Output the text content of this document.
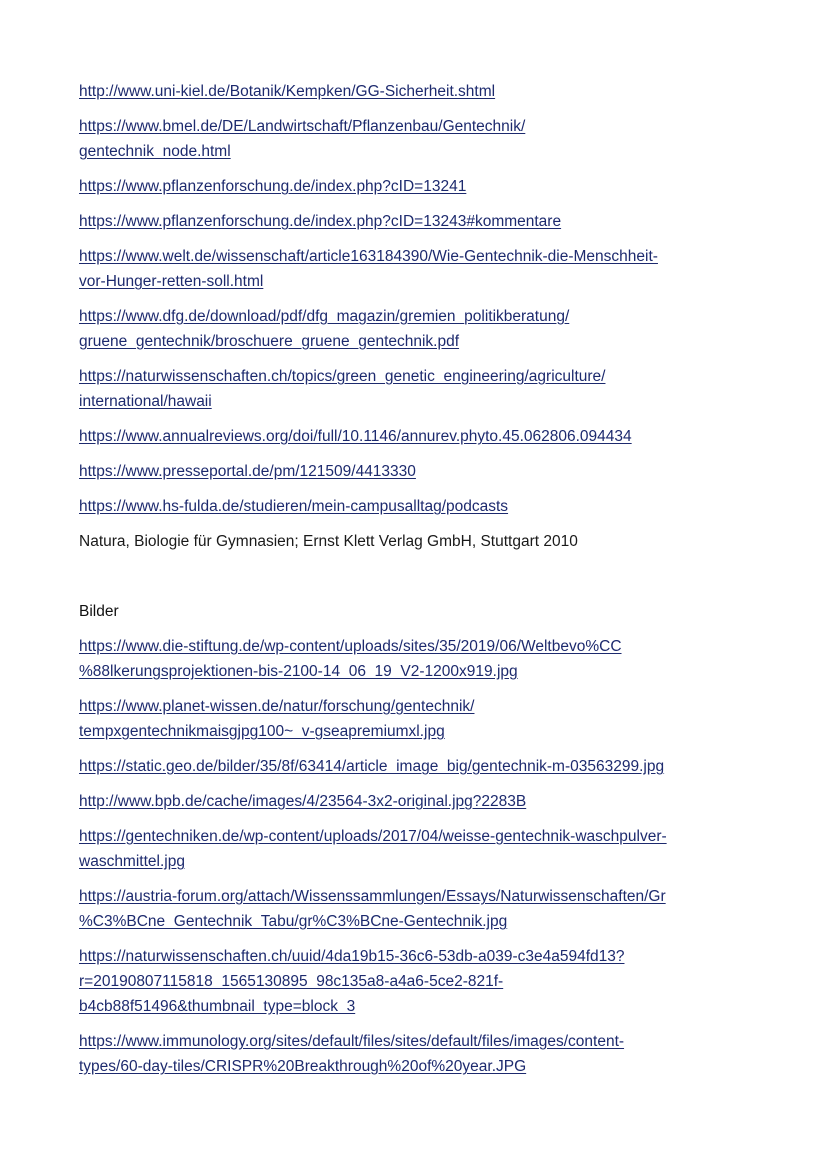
http://www.uni-kiel.de/Botanik/Kempken/GG-Sicherheit.shtml

https://www.bmel.de/DE/Landwirtschaft/Pflanzenbau/Gentechnik/
gentechnik_node.html

https://www.pflanzenforschung.de/index.php?cID=13241

https://www.pflanzenforschung.de/index.php?cID=13243#kommentare

https://www.welt.de/wissenschaft/article163184390/Wie-Gentechnik-die-Menschheit-
vor-Hunger-retten-soll.html

https://www.dfg.de/download/pdf/dfg_magazin/gremien_politikberatung/
gruene_gentechnik/broschuere_gruene_gentechnik.pdf

https://naturwissenschaften.ch/topics/green_genetic_engineering/agriculture/
international/hawaii

https://www.annualreviews.org/doi/full/10.1146/annurev.phyto.45.062806.094434

https://www.presseportal.de/pm/121509/4413330

https://www.hs-fulda.de/studieren/mein-campusalltag/podcasts

Natura, Biologie für Gymnasien; Ernst Klett Verlag GmbH, Stuttgart 2010

Bilder

https://www.die-stiftung.de/wp-content/uploads/sites/35/2019/06/Weltbevo%CC
%88lkerungsprojektionen-bis-2100-14_06_19_V2-1200x919.jpg

https://www.planet-wissen.de/natur/forschung/gentechnik/
tempxgentechnikmaisgjpg100~_v-gseapremiumxl.jpg

https://static.geo.de/bilder/35/8f/63414/article_image_big/gentechnik-m-03563299.jpg

http://www.bpb.de/cache/images/4/23564-3x2-original.jpg?2283B

https://gentechniken.de/wp-content/uploads/2017/04/weisse-gentechnik-waschpulver-
waschmittel.jpg

https://austria-forum.org/attach/Wissenssammlungen/Essays/Naturwissenschaften/Gr
%C3%BCne_Gentechnik_Tabu/gr%C3%BCne-Gentechnik.jpg

https://naturwissenschaften.ch/uuid/4da19b15-36c6-53db-a039-c3e4a594fd13?
r=20190807115818_1565130895_98c135a8-a4a6-5ce2-821f-
b4cb88f51496&thumbnail_type=block_3

https://www.immunology.org/sites/default/files/sites/default/files/images/content-
types/60-day-tiles/CRISPR%20Breakthrough%20of%20year.JPG
